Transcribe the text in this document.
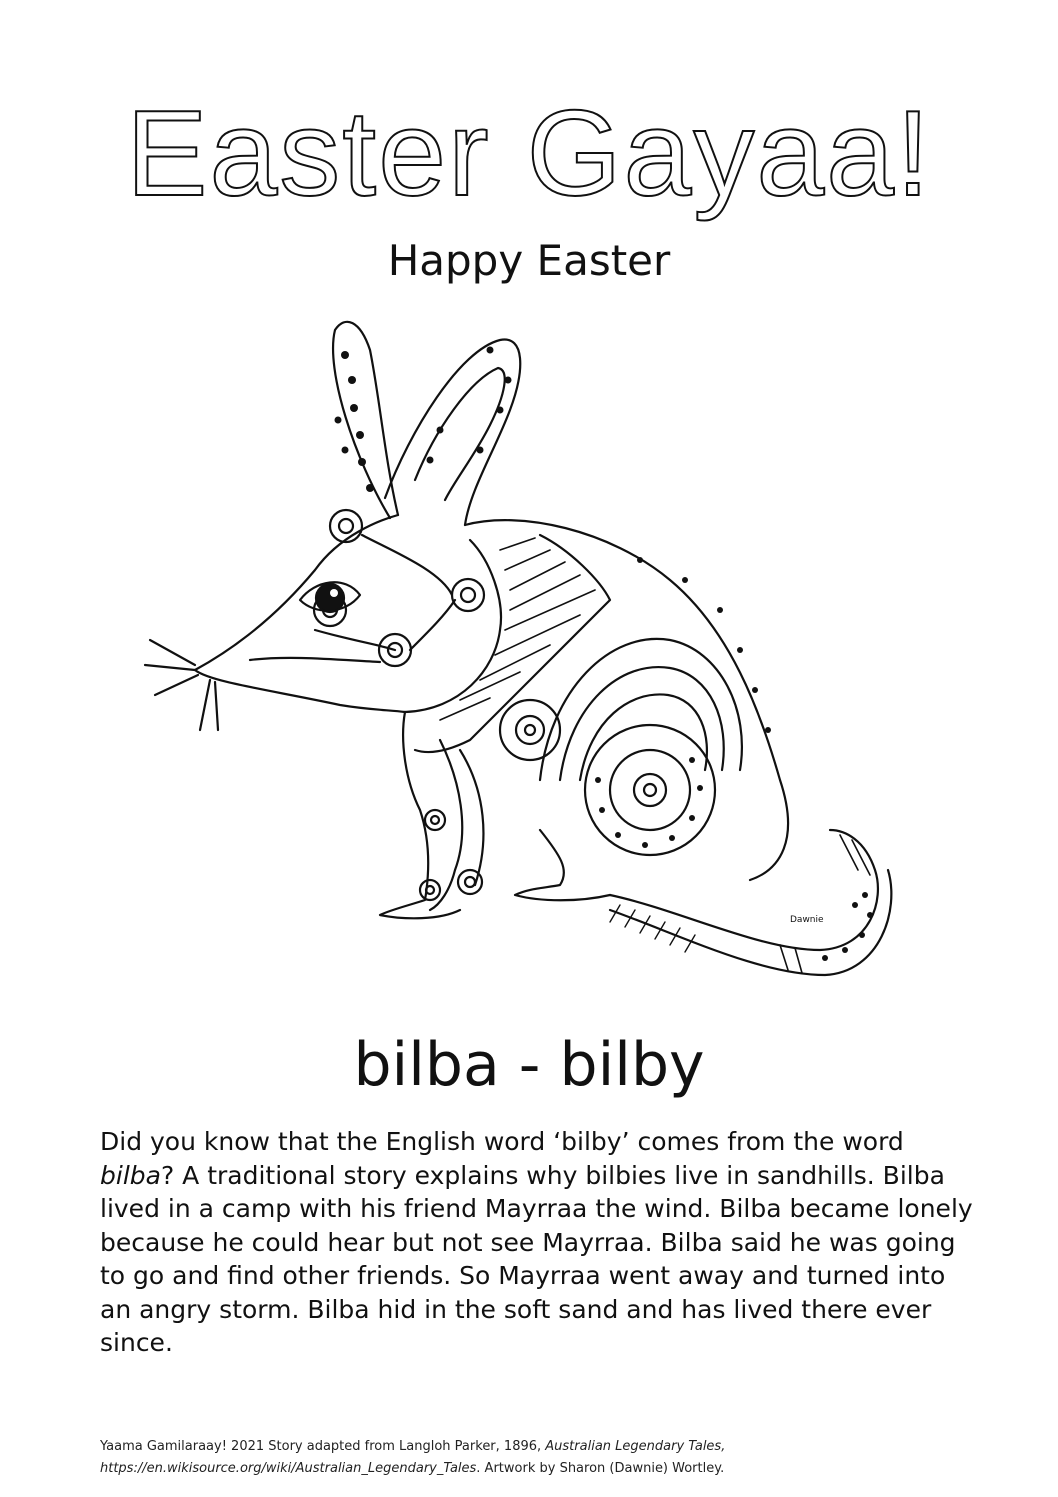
Easter Gayaa!
Happy Easter
Dawnie
bilba - bilby

Did you know that the English word ‘bilby’ comes from the word bilba? A traditional story explains why bilbies live in sandhills. Bilba lived in a camp with his friend Mayrraa the wind. Bilba became lonely because he could hear but not see Mayrraa. Bilba said he was going to go and find other friends. So Mayrraa went away and turned into an angry storm. Bilba hid in the soft sand and has lived there ever since.

Yaama Gamilaraay! 2021 Story adapted from Langloh Parker, 1896, Australian Legendary Tales, https://en.wikisource.org/wiki/Australian_Legendary_Tales. Artwork by Sharon (Dawnie) Wortley.
